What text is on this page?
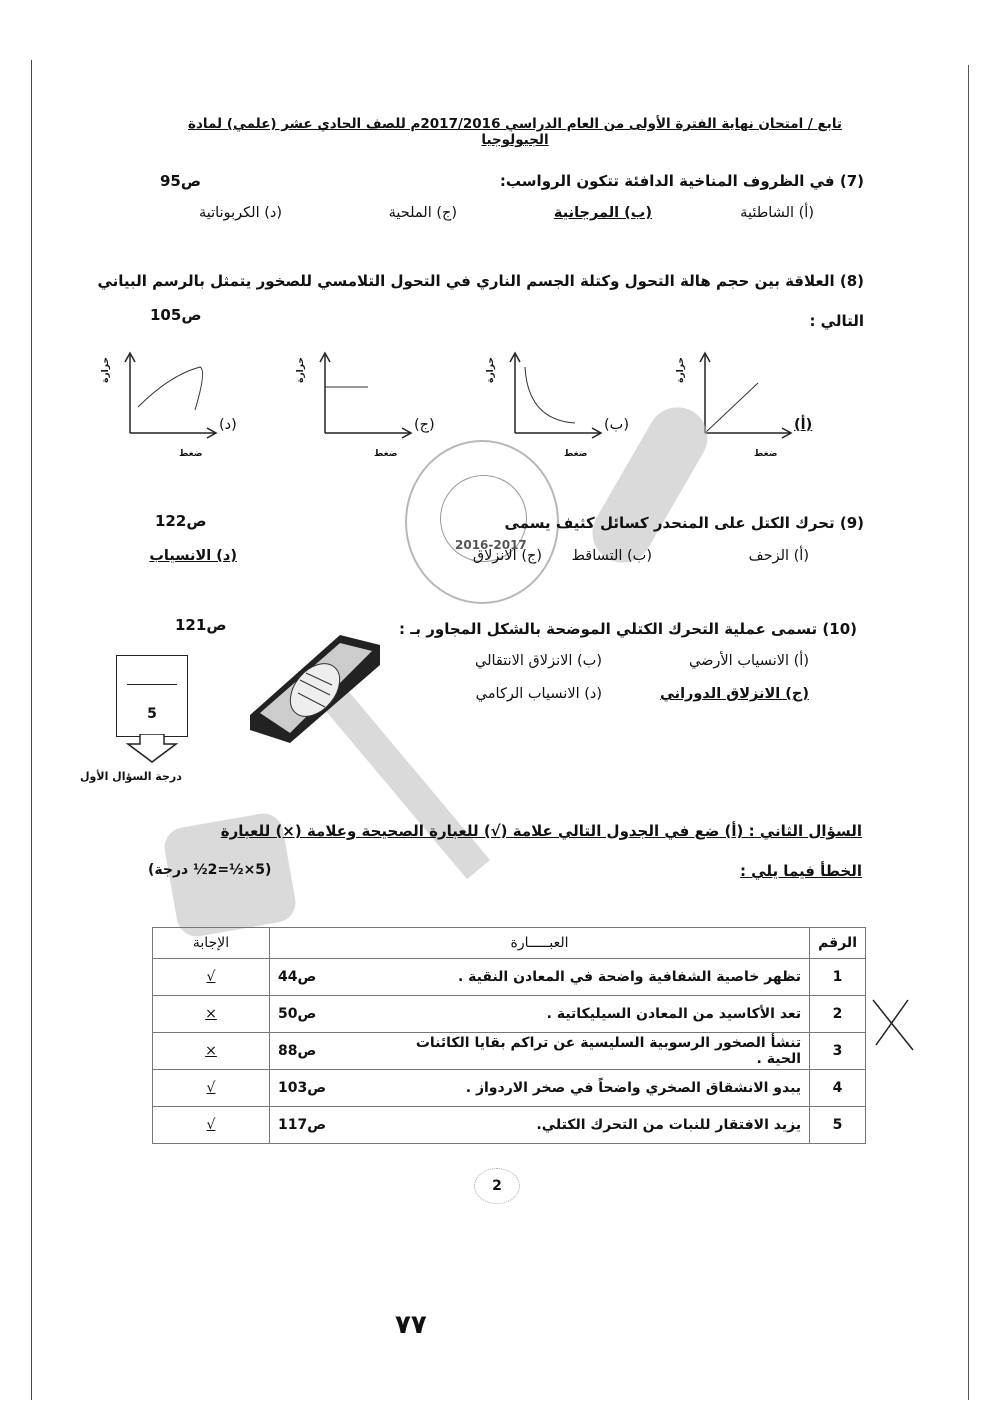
تابع / امتحان نهاية الفترة الأولى من العام الدراسي 2017/2016م للصف الحادي عشر (علمي) لمادة الجيولوجيا
(7) في الظروف المناخية الدافئة تتكون الرواسب:
ص95
(أ) الشاطئية
(ب) المرجانية
(ج) الملحية
(د) الكربوناتية
(8) العلاقة بين حجم هالة التحول وكتلة الجسم الناري في التحول التلامسي للصخور يتمثل بالرسم البياني
التالي :
ص105
حرارة
ضغط
(أ)
حرارة
ضغط
(ب)
حرارة
ضغط
(ج)
حرارة
ضغط
(د)
2016-2017
(9) تحرك الكتل على المنحدر كسائل كثيف يسمى
ص122
(أ) الزحف
(ب) التساقط
(ج) الانزلاق
(د) الانسياب
(10) تسمى عملية التحرك الكتلي الموضحة بالشكل المجاور بـ :
ص121
(أ) الانسياب الأرضي
(ب) الانزلاق الانتقالي
(ج) الانزلاق الدوراني
(د) الانسياب الركامي
5
درجة السؤال الأول
السؤال الثاني : (أ) ضع في الجدول التالي علامة (√) للعبارة الصحيحة وعلامة (×) للعبارة
الخطأ فيما يلي :
(5×½=2½ درجة)
الرقم	العبـــــارة		الإجابة
1	تظهر خاصية الشفافية واضحة في المعادن النقية .	ص44	√
2	تعد الأكاسيد من المعادن السيليكاتية .	ص50	×
3	تنشأ الصخور الرسوبية السليسية عن تراكم بقايا الكائنات الحية .	ص88	×
4	يبدو الانشقاق الصخري واضحاً في صخر الاردواز .	ص103	√
5	يزيد الافتقار للنبات من التحرك الكتلي.	ص117	√
2
٧٧
